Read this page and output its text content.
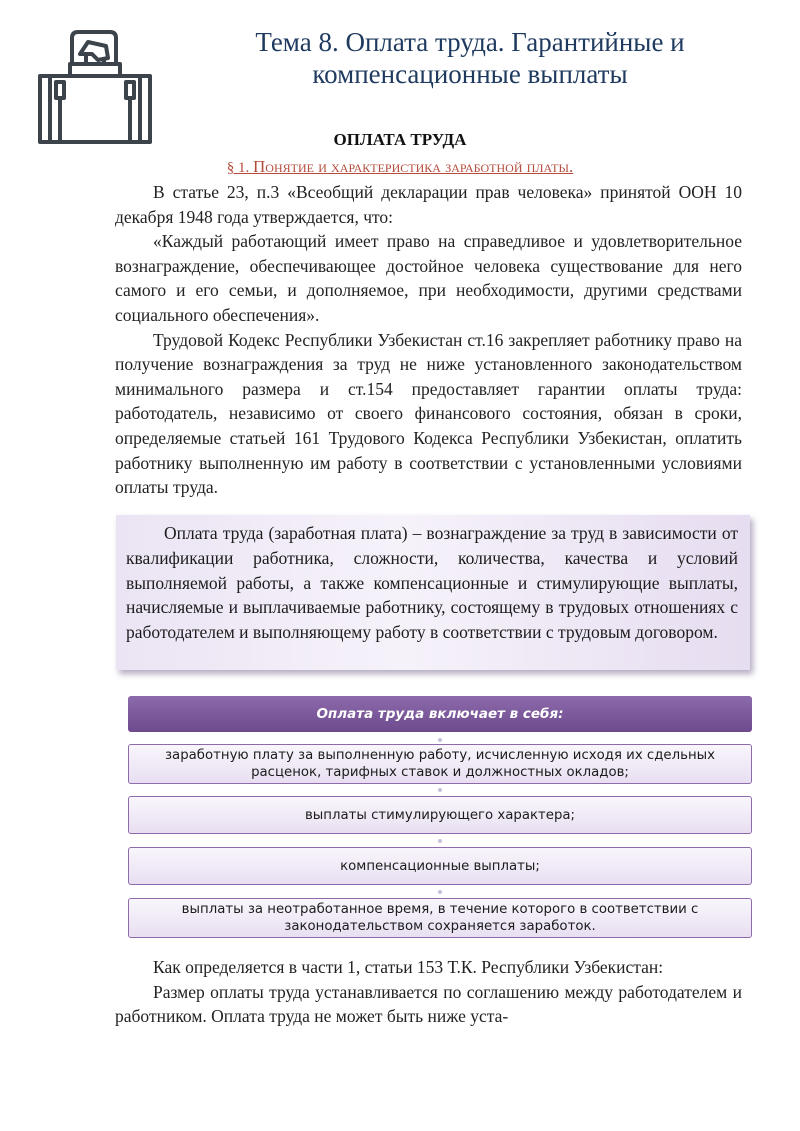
Тема 8. Оплата труда. Гарантийные и
компенсационные выплаты
ОПЛАТА ТРУДА
§ 1. Понятие и характеристика заработной платы.

В статье 23, п.3 «Всеобщий декларации прав человека» принятой ООН 10 декабря 1948 года утверждается, что:

«Каждый работающий имеет право на справедливое и удовлетворительное вознаграждение, обеспечивающее достойное человека существование для него самого и его семьи, и дополняемое, при необходимости, другими средствами социального обеспечения».

Трудовой Кодекс Республики Узбекистан ст.16 закрепляет работнику право на получение вознаграждения за труд не ниже установленного законодательством минимального размера и ст.154 предоставляет гарантии оплаты труда: работодатель, независимо от своего финансового состояния, обязан в сроки, определяемые статьей 161 Трудового Кодекса Республики Узбекистан, оплатить работнику выполненную им работу в соответствии с установленными условиями оплаты труда.

Оплата труда (заработная плата) – вознаграждение за труд в зависимости от квалификации работника, сложности, количества, качества и условий выполняемой работы, а также компенсационные и стимулирующие выплаты, начисляемые и выплачиваемые работнику, состоящему в трудовых отношениях с работодателем и выполняющему работу в соответствии с трудовым договором.

Оплата труда включает в себя:
заработную плату за выполненную работу, исчисленную исходя их сдельных расценок, тарифных ставок и должностных окладов;
выплаты стимулирующего характера;
компенсационные выплаты;
выплаты за неотработанное время, в течение которого в соответствии с законодательством сохраняется заработок.

Как определяется в части 1, статьи 153 Т.К. Республики Узбекистан:

Размер оплаты труда устанавливается по соглашению между работодателем и работником. Оплата труда не может быть ниже уста-
